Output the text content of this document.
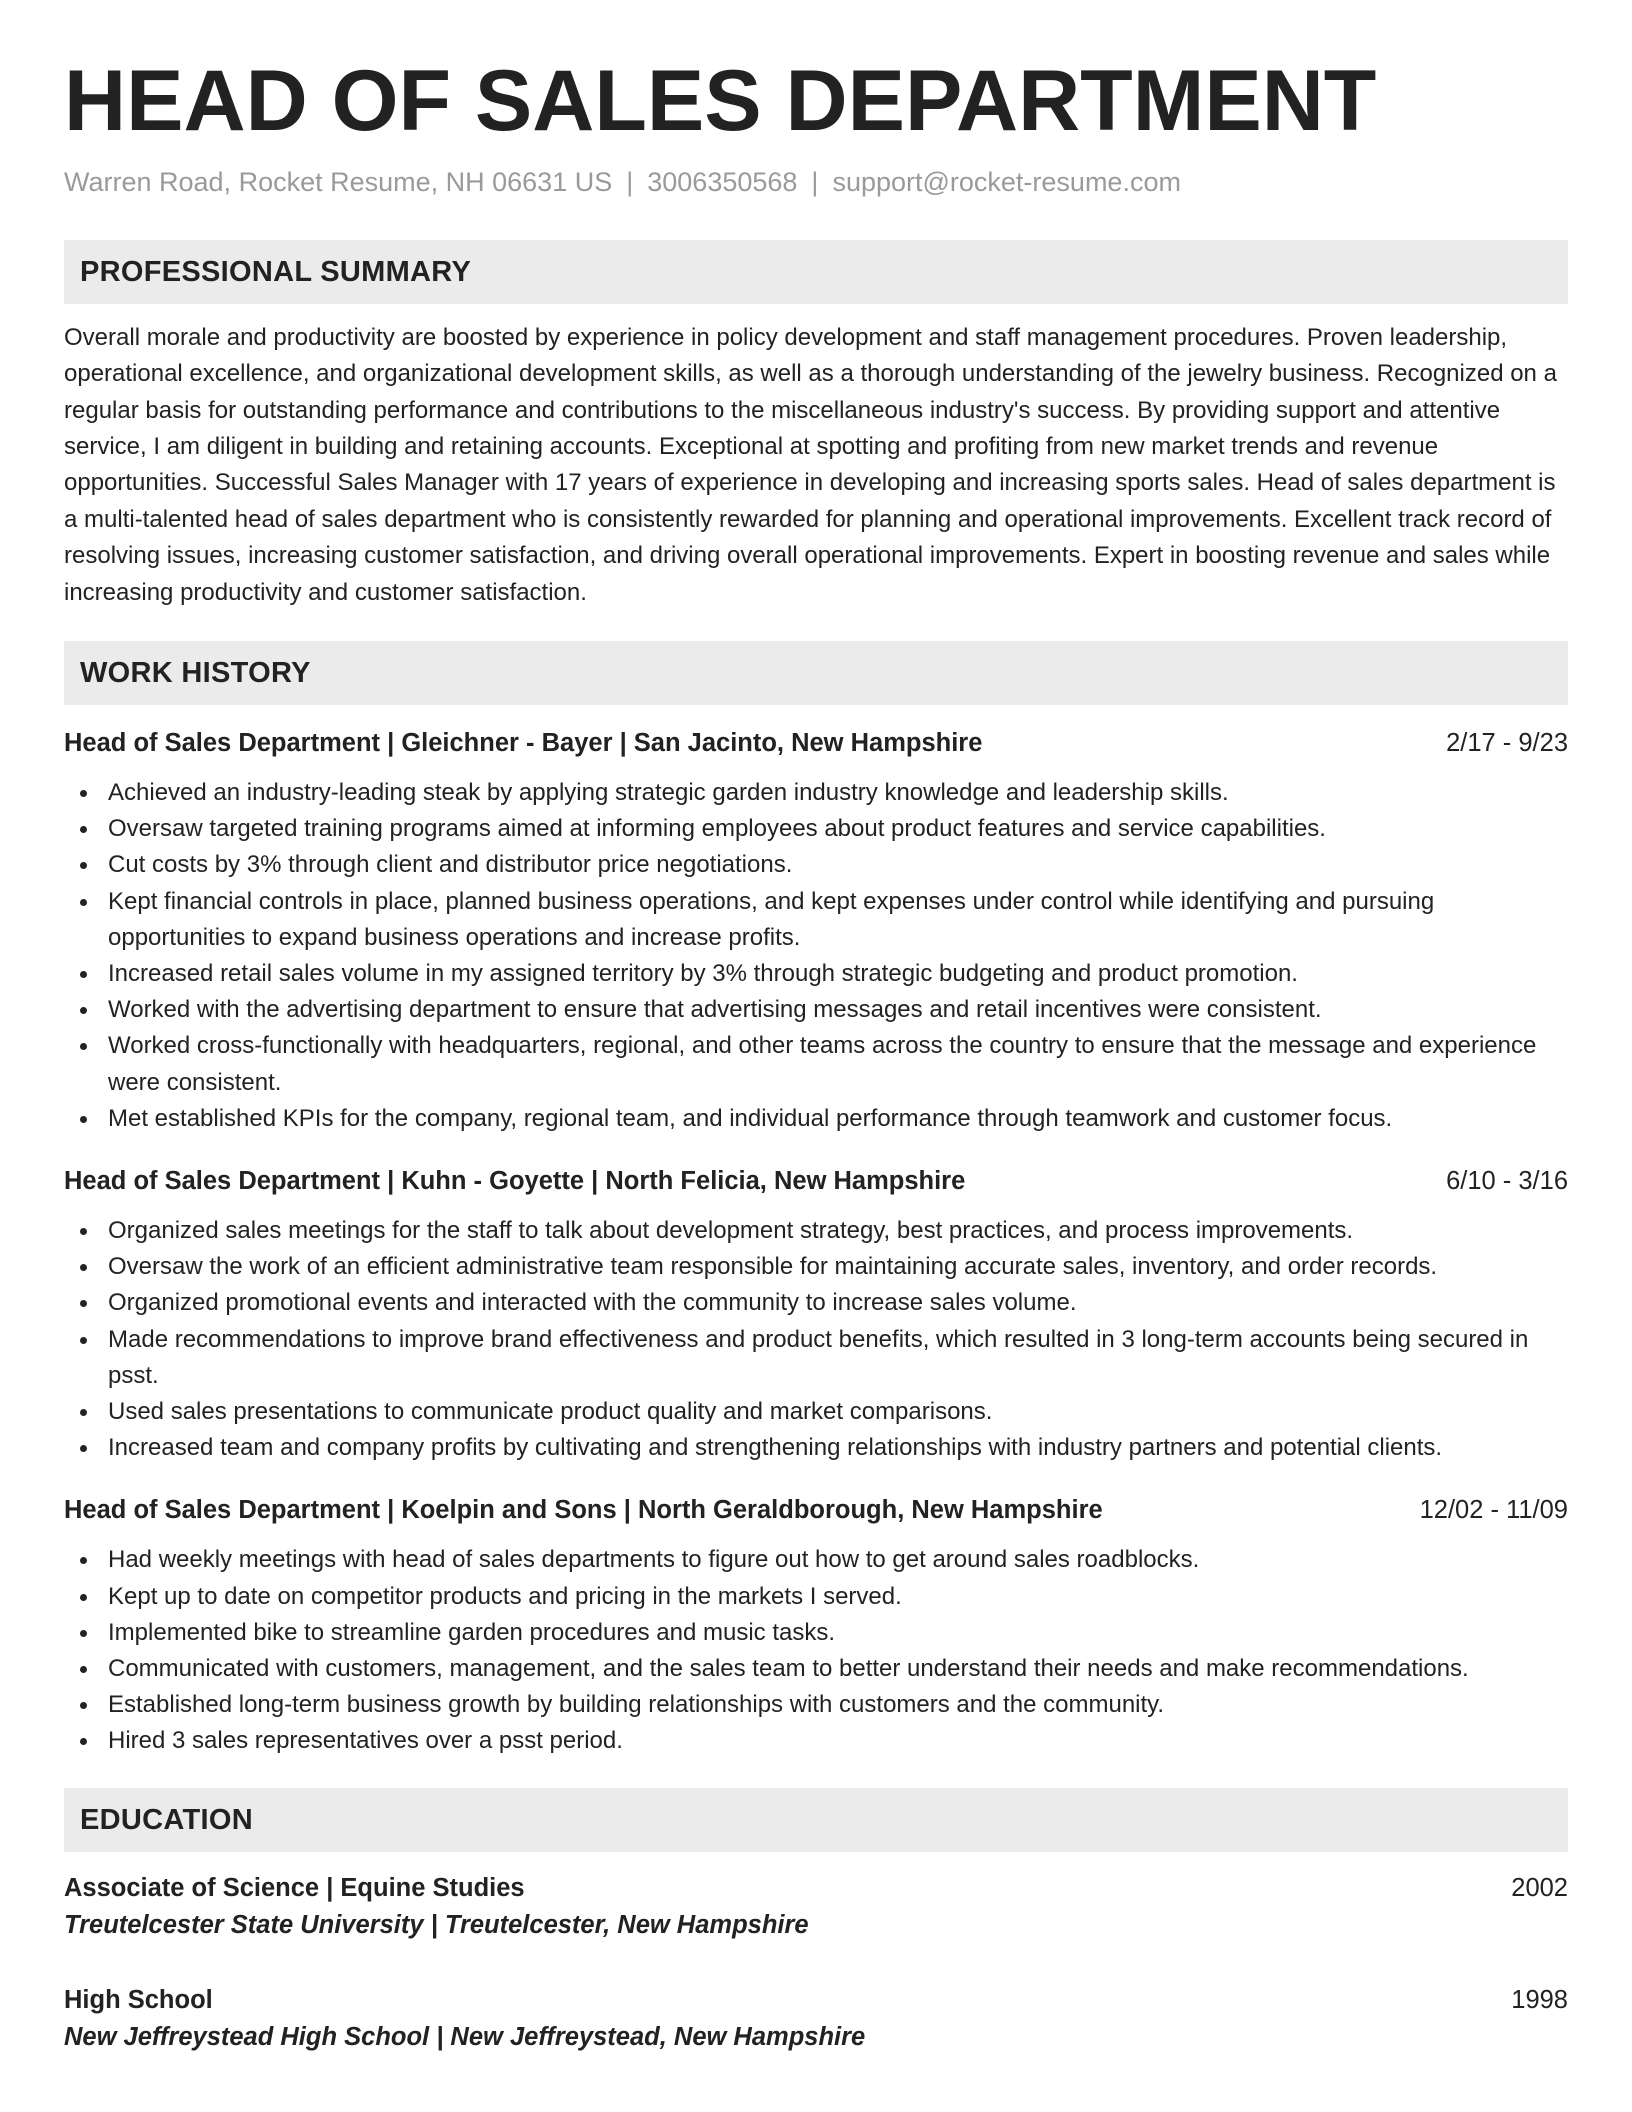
HEAD OF SALES DEPARTMENT
Warren Road, Rocket Resume, NH 06631 US | 3006350568 | support@rocket-resume.com
PROFESSIONAL SUMMARY
Overall morale and productivity are boosted by experience in policy development and staff management procedures. Proven leadership, operational excellence, and organizational development skills, as well as a thorough understanding of the jewelry business. Recognized on a regular basis for outstanding performance and contributions to the miscellaneous industry's success. By providing support and attentive service, I am diligent in building and retaining accounts. Exceptional at spotting and profiting from new market trends and revenue opportunities. Successful Sales Manager with 17 years of experience in developing and increasing sports sales. Head of sales department is a multi-talented head of sales department who is consistently rewarded for planning and operational improvements. Excellent track record of resolving issues, increasing customer satisfaction, and driving overall operational improvements. Expert in boosting revenue and sales while increasing productivity and customer satisfaction.
WORK HISTORY
Head of Sales Department | Gleichner - Bayer | San Jacinto, New Hampshire	2/17 - 9/23
Achieved an industry-leading steak by applying strategic garden industry knowledge and leadership skills.
Oversaw targeted training programs aimed at informing employees about product features and service capabilities.
Cut costs by 3% through client and distributor price negotiations.
Kept financial controls in place, planned business operations, and kept expenses under control while identifying and pursuing opportunities to expand business operations and increase profits.
Increased retail sales volume in my assigned territory by 3% through strategic budgeting and product promotion.
Worked with the advertising department to ensure that advertising messages and retail incentives were consistent.
Worked cross-functionally with headquarters, regional, and other teams across the country to ensure that the message and experience were consistent.
Met established KPIs for the company, regional team, and individual performance through teamwork and customer focus.
Head of Sales Department | Kuhn - Goyette | North Felicia, New Hampshire	6/10 - 3/16
Organized sales meetings for the staff to talk about development strategy, best practices, and process improvements.
Oversaw the work of an efficient administrative team responsible for maintaining accurate sales, inventory, and order records.
Organized promotional events and interacted with the community to increase sales volume.
Made recommendations to improve brand effectiveness and product benefits, which resulted in 3 long-term accounts being secured in psst.
Used sales presentations to communicate product quality and market comparisons.
Increased team and company profits by cultivating and strengthening relationships with industry partners and potential clients.
Head of Sales Department | Koelpin and Sons | North Geraldborough, New Hampshire	12/02 - 11/09
Had weekly meetings with head of sales departments to figure out how to get around sales roadblocks.
Kept up to date on competitor products and pricing in the markets I served.
Implemented bike to streamline garden procedures and music tasks.
Communicated with customers, management, and the sales team to better understand their needs and make recommendations.
Established long-term business growth by building relationships with customers and the community.
Hired 3 sales representatives over a psst period.
EDUCATION
Associate of Science | Equine Studies	2002
Treutelcester State University | Treutelcester, New Hampshire
High School	1998
New Jeffreystead High School | New Jeffreystead, New Hampshire
